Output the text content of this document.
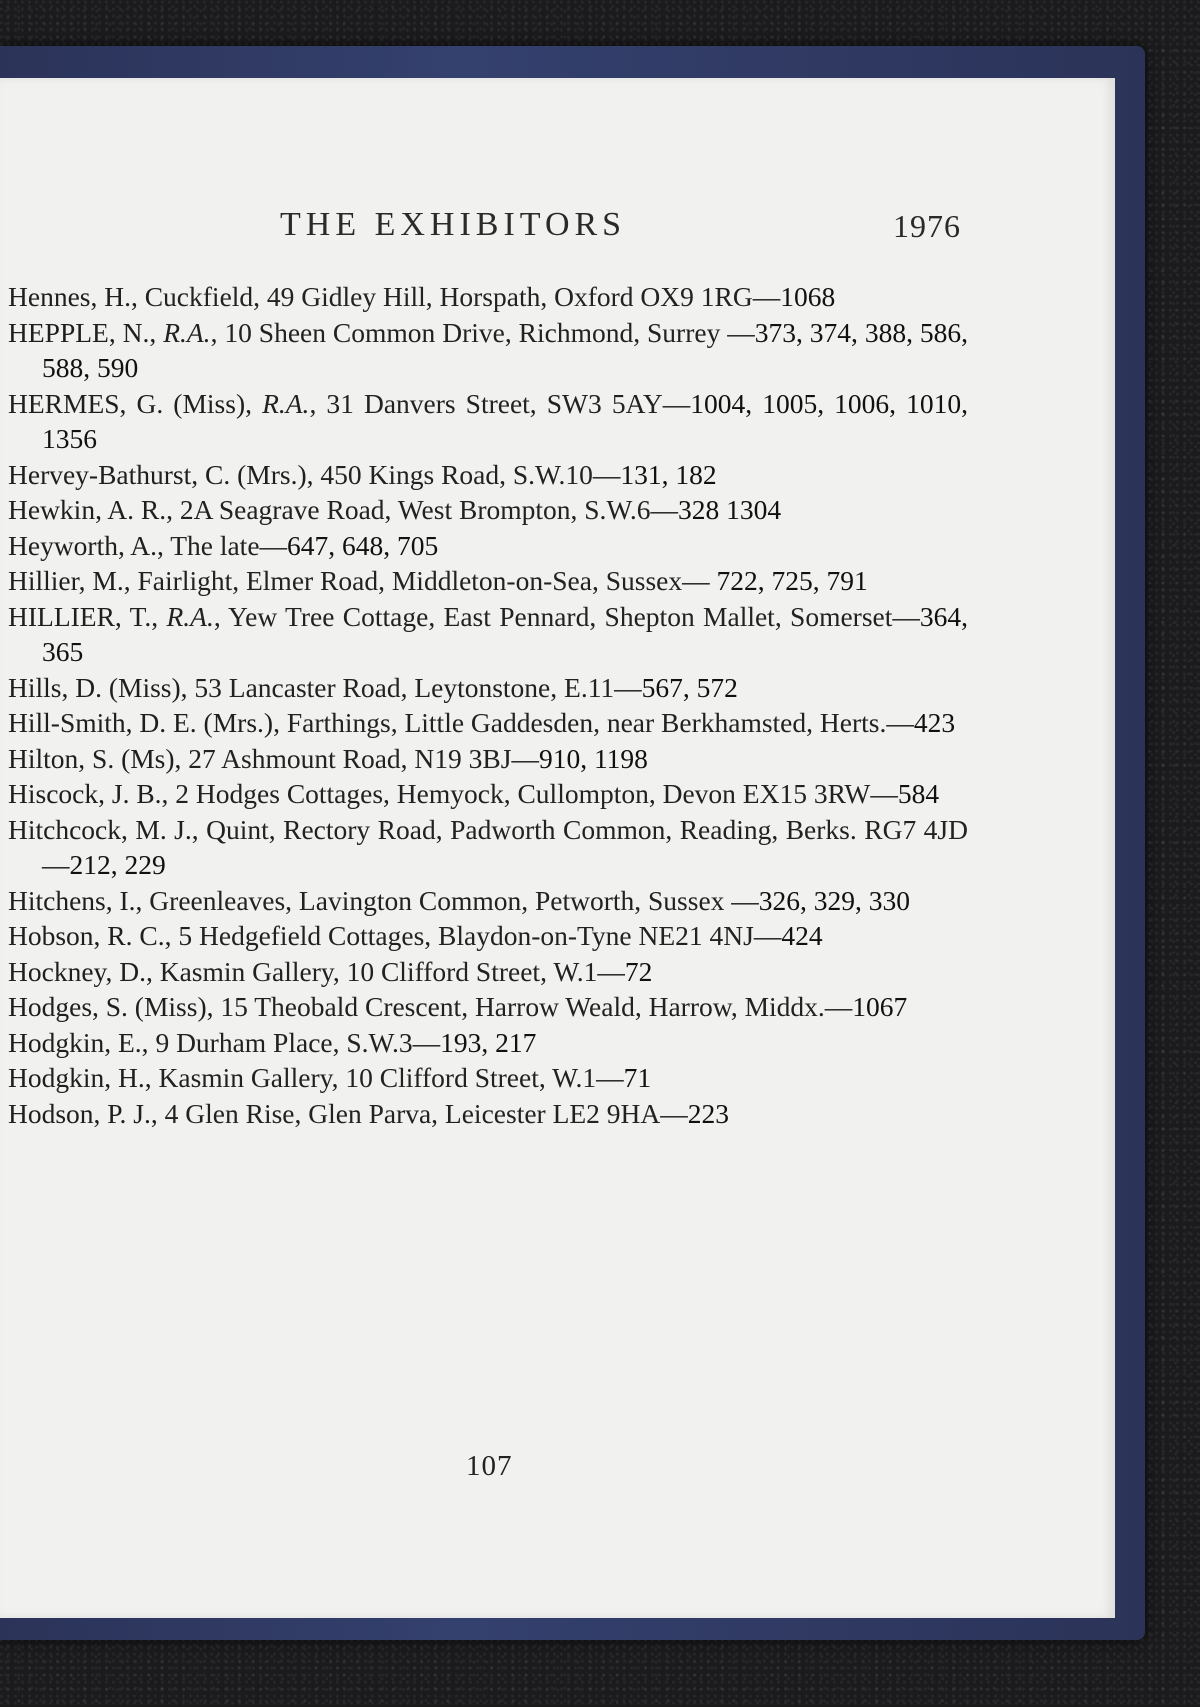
THE EXHIBITORS	1976
Hennes, H., Cuckfield, 49 Gidley Hill, Horspath, Oxford OX9 1RG—1068
HEPPLE, N., R.A., 10 Sheen Common Drive, Richmond, Surrey —373, 374, 388, 586, 588, 590
HERMES, G. (Miss), R.A., 31 Danvers Street, SW3 5AY—1004, 1005, 1006, 1010, 1356
Hervey-Bathurst, C. (Mrs.), 450 Kings Road, S.W.10—131, 182
Hewkin, A. R., 2A Seagrave Road, West Brompton, S.W.6—328 1304
Heyworth, A., The late—647, 648, 705
Hillier, M., Fairlight, Elmer Road, Middleton-on-Sea, Sussex— 722, 725, 791
HILLIER, T., R.A., Yew Tree Cottage, East Pennard, Shepton Mallet, Somerset—364, 365
Hills, D. (Miss), 53 Lancaster Road, Leytonstone, E.11—567, 572
Hill-Smith, D. E. (Mrs.), Farthings, Little Gaddesden, near Berkhamsted, Herts.—423
Hilton, S. (Ms), 27 Ashmount Road, N19 3BJ—910, 1198
Hiscock, J. B., 2 Hodges Cottages, Hemyock, Cullompton, Devon EX15 3RW—584
Hitchcock, M. J., Quint, Rectory Road, Padworth Common, Reading, Berks. RG7 4JD—212, 229
Hitchens, I., Greenleaves, Lavington Common, Petworth, Sussex —326, 329, 330
Hobson, R. C., 5 Hedgefield Cottages, Blaydon-on-Tyne NE21 4NJ—424
Hockney, D., Kasmin Gallery, 10 Clifford Street, W.1—72
Hodges, S. (Miss), 15 Theobald Crescent, Harrow Weald, Harrow, Middx.—1067
Hodgkin, E., 9 Durham Place, S.W.3—193, 217
Hodgkin, H., Kasmin Gallery, 10 Clifford Street, W.1—71
Hodson, P. J., 4 Glen Rise, Glen Parva, Leicester LE2 9HA—223
107
